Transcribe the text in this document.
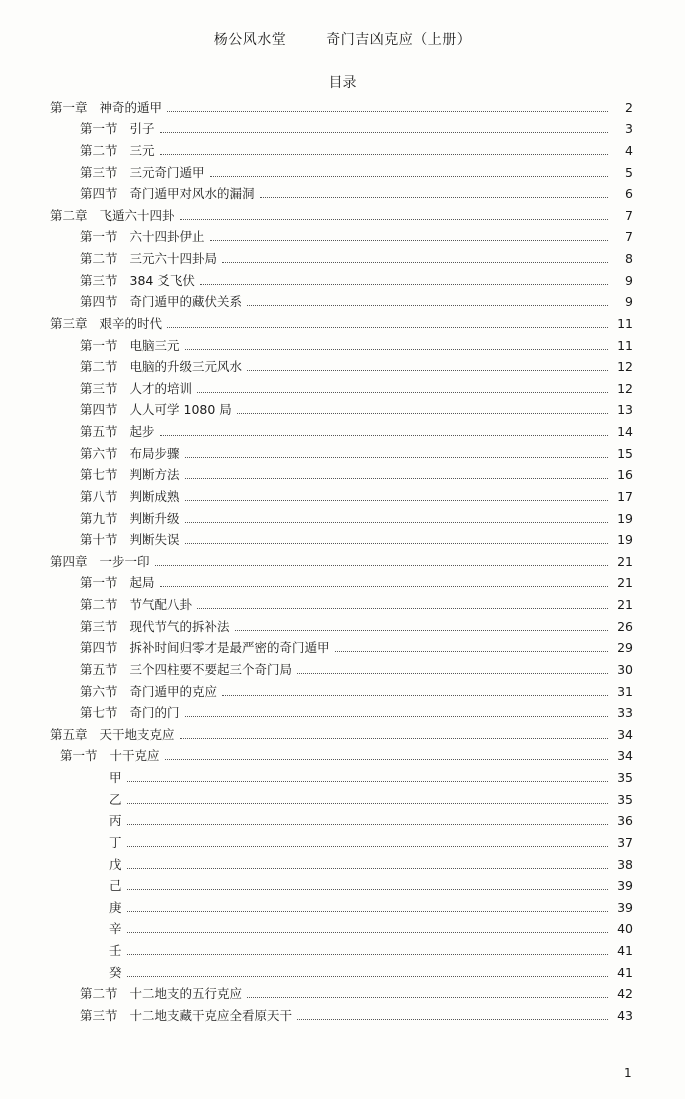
杨公风水堂	奇门吉凶克应（上册）
目录
第一章 神奇的遁甲	2
第一节 引子	3
第二节 三元	4
第三节 三元奇门遁甲	5
第四节 奇门遁甲对风水的漏洞	6
第二章 飞遁六十四卦	7
第一节 六十四卦伊止	7
第二节 三元六十四卦局	8
第三节 384 爻飞伏	9
第四节 奇门遁甲的藏伏关系	9
第三章 艰辛的时代	11
第一节 电脑三元	11
第二节 电脑的升级三元风水	12
第三节 人才的培训	12
第四节 人人可学 1080 局	13
第五节 起步	14
第六节 布局步骤	15
第七节 判断方法	16
第八节 判断成熟	17
第九节 判断升级	19
第十节 判断失误	19
第四章 一步一印	21
第一节 起局	21
第二节 节气配八卦	21
第三节 现代节气的拆补法	26
第四节 拆补时间归零才是最严密的奇门遁甲	29
第五节 三个四柱要不要起三个奇门局	30
第六节 奇门遁甲的克应	31
第七节 奇门的门	33
第五章 天干地支克应	34
第一节 十干克应	34
甲	35
乙	35
丙	36
丁	37
戊	38
己	39
庚	39
辛	40
壬	41
癸	41
第二节 十二地支的五行克应	42
第三节 十二地支藏干克应全看原天干	43
1
